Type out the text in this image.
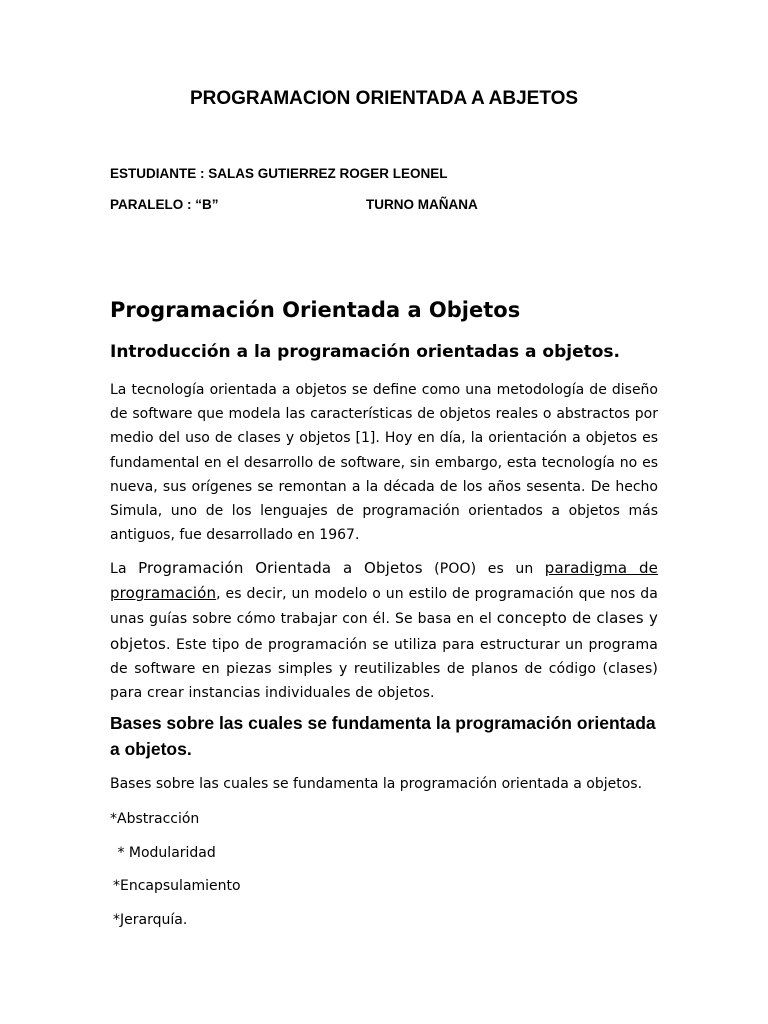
PROGRAMACION ORIENTADA A ABJETOS

ESTUDIANTE : SALAS GUTIERREZ ROGER LEONEL

PARALELO : “B”	TURNO MAÑANA

Programación Orientada a Objetos
Introducción a la programación orientadas a objetos.

La tecnología orientada a objetos se define como una metodología de diseño de software que modela las características de objetos reales o abstractos por medio del uso de clases y objetos [1]. Hoy en día, la orientación a objetos es fundamental en el desarrollo de software, sin embargo, esta tecnología no es nueva, sus orígenes se remontan a la década de los años sesenta. De hecho Simula, uno de los lenguajes de programación orientados a objetos más antiguos, fue desarrollado en 1967.

La Programación Orientada a Objetos (POO) es un paradigma de programación, es decir, un modelo o un estilo de programación que nos da unas guías sobre cómo trabajar con él. Se basa en el concepto de clases y objetos. Este tipo de programación se utiliza para estructurar un programa de software en piezas simples y reutilizables de planos de código (clases) para crear instancias individuales de objetos.

Bases sobre las cuales se fundamenta la programación orientada a objetos.

Bases sobre las cuales se fundamenta la programación orientada a objetos.

*Abstracción

* Modularidad

*Encapsulamiento

*Jerarquía.
